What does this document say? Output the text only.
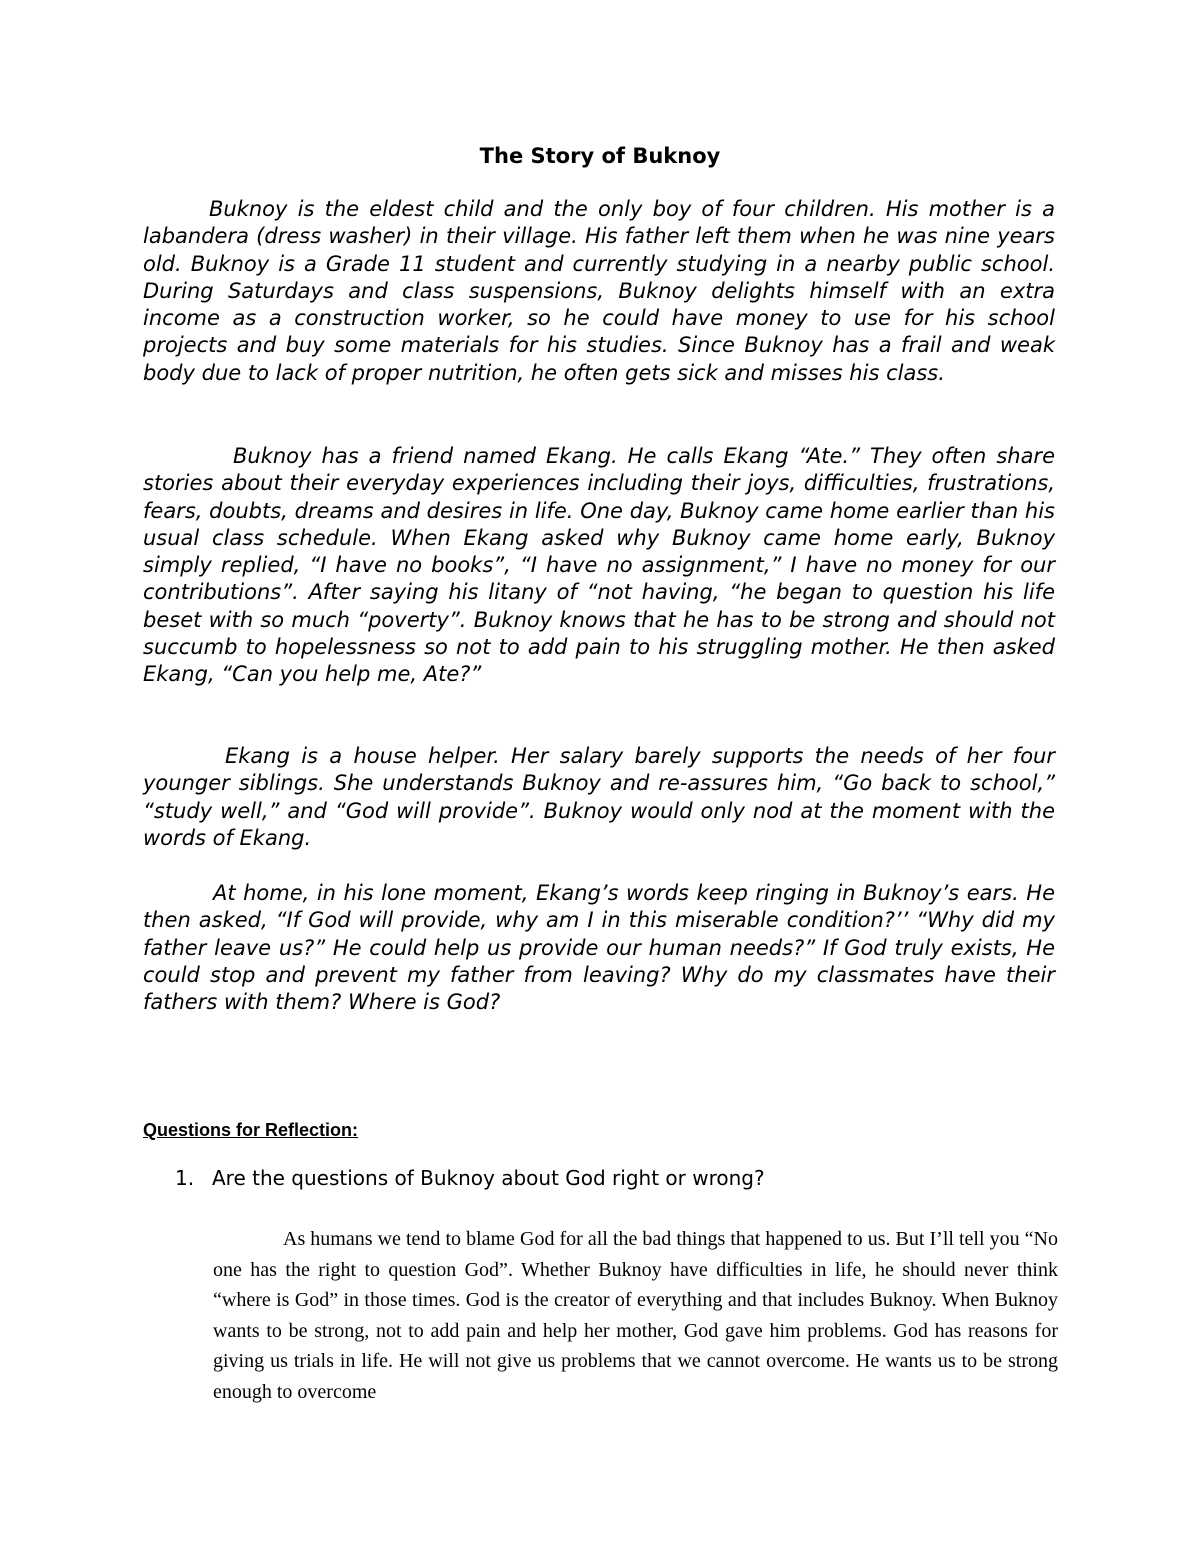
The Story of Buknoy

Buknoy is the eldest child and the only boy of four children. His mother is a labandera (dress washer) in their village. His father left them when he was nine years old. Buknoy is a Grade 11 student and currently studying in a nearby public school. During Saturdays and class suspensions, Buknoy delights himself with an extra income as a construction worker, so he could have money to use for his school projects and buy some materials for his studies. Since Buknoy has a frail and weak body due to lack of proper nutrition, he often gets sick and misses his class.

Buknoy has a friend named Ekang. He calls Ekang “Ate.” They often share stories about their everyday experiences including their joys, difficulties, frustrations, fears, doubts, dreams and desires in life. One day, Buknoy came home earlier than his usual class schedule. When Ekang asked why Buknoy came home early, Buknoy simply replied, “I have no books”, “I have no assignment,” I have no money for our contributions”. After saying his litany of “not having, “he began to question his life beset with so much “poverty”. Buknoy knows that he has to be strong and should not succumb to hopelessness so not to add pain to his struggling mother. He then asked Ekang, “Can you help me, Ate?”

Ekang is a house helper. Her salary barely supports the needs of her four younger siblings. She understands Buknoy and re-assures him, “Go back to school,” “study well,” and “God will provide”. Buknoy would only nod at the moment with the words of Ekang.

At home, in his lone moment, Ekang’s words keep ringing in Buknoy’s ears. He then asked, “If God will provide, why am I in this miserable condition?’’ “Why did my father leave us?” He could help us provide our human needs?” If God truly exists, He could stop and prevent my father from leaving? Why do my classmates have their fathers with them? Where is God?

Questions for Reflection:
1. Are the questions of Buknoy about God right or wrong?

As humans we tend to blame God for all the bad things that happened to us. But I’ll tell you “No one has the right to question God”. Whether Buknoy have difficulties in life, he should never think “where is God” in those times. God is the creator of everything and that includes Buknoy. When Buknoy wants to be strong, not to add pain and help her mother, God gave him problems. God has reasons for giving us trials in life. He will not give us problems that we cannot overcome. He wants us to be strong enough to overcome
